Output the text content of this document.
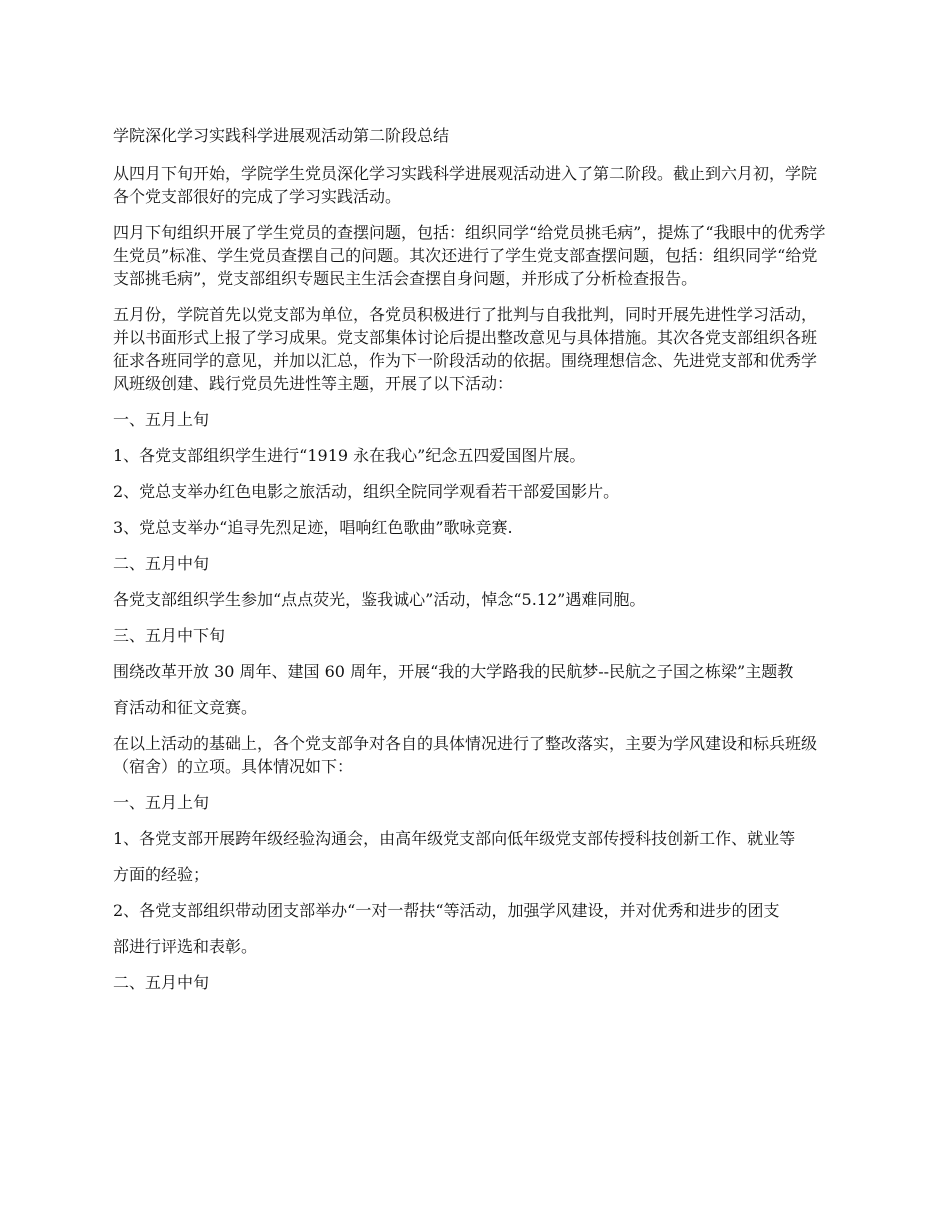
学院深化学习实践科学进展观活动第二阶段总结

从四月下旬开始，学院学生党员深化学习实践科学进展观活动进入了第二阶段。截止到六月初，学院各个党支部很好的完成了学习实践活动。

四月下旬组织开展了学生党员的查摆问题，包括：组织同学“给党员挑毛病”，提炼了“我眼中的优秀学生党员”标准、学生党员查摆自己的问题。其次还进行了学生党支部查摆问题，包括：组织同学“给党支部挑毛病”，党支部组织专题民主生活会查摆自身问题，并形成了分析检查报告。

五月份，学院首先以党支部为单位，各党员积极进行了批判与自我批判，同时开展先进性学习活动，并以书面形式上报了学习成果。党支部集体讨论后提出整改意见与具体措施。其次各党支部组织各班征求各班同学的意见，并加以汇总，作为下一阶段活动的依据。围绕理想信念、先进党支部和优秀学风班级创建、践行党员先进性等主题，开展了以下活动：

一、五月上旬

1、各党支部组织学生进行“1919 永在我心”纪念五四爱国图片展。

2、党总支举办红色电影之旅活动，组织全院同学观看若干部爱国影片。

3、党总支举办“追寻先烈足迹，唱响红色歌曲”歌咏竞赛.

二、五月中旬

各党支部组织学生参加“点点荧光，鉴我诚心”活动，悼念“5.12”遇难同胞。

三、五月中下旬

围绕改革开放 30 周年、建国 60 周年，开展“我的大学路我的民航梦--民航之子国之栋梁”主题教

育活动和征文竞赛。

在以上活动的基础上，各个党支部争对各自的具体情况进行了整改落实，主要为学风建设和标兵班级（宿舍）的立项。具体情况如下：

一、五月上旬

1、各党支部开展跨年级经验沟通会，由高年级党支部向低年级党支部传授科技创新工作、就业等

方面的经验；

2、各党支部组织带动团支部举办“一对一帮扶“等活动，加强学风建设，并对优秀和进步的团支

部进行评选和表彰。

二、五月中旬
